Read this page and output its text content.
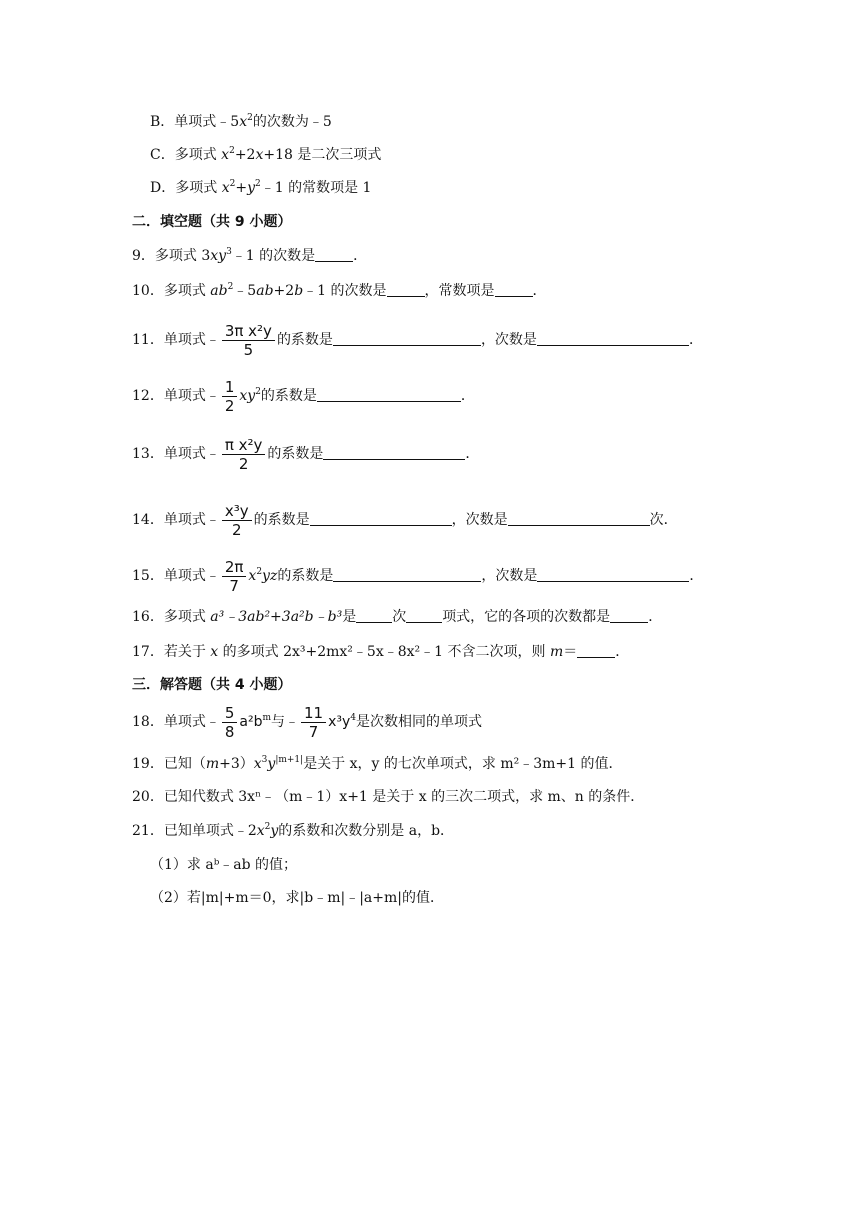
B．单项式$﹣5x^2$的次数为﹣5
C．多项式 $x^2+2x+18$ 是二次三项式
D．多项式 $x^2+y^2﹣1$ 的常数项是 1
二．填空题（共 9 小题）
9．多项式 $3xy^3﹣1$ 的次数是	．
10．多项式 $ab^2﹣5ab+2b﹣1$ 的次数是	，常数项是	．
11．单项式﹣ $\frac{\text{3π x²y}}{5}$ 的系数是	，次数是	．
12．单项式﹣ $\frac{1}{2} xy^2$的系数是	．
13．单项式﹣ $\frac{\text{π x²y}}{2}$ 的系数是	．
14．单项式﹣ $\frac{\text{x³y}}{2}$ 的系数是	，次数是	次．
15．单项式﹣ $\frac{2\pi}{7} x^2yz$的系数是	，次数是	．
16．多项式 a³﹣3ab²+3a²b﹣b³是	次	项式，它的各项的次数都是	．
17．若关于 x 的多项式 2x³+2mx²﹣5x﹣8x²﹣1 不含二次项，则 m＝	．
三．解答题（共 4 小题）
18．单项式﹣ $\frac{5}{8} a^2b^m$与﹣ $\frac{11}{7} x^3y^4$是次数相同的单项式
19．已知$(m+3)x^3y^{|m+1|}$是关于 x，y 的七次单项式，求 m²﹣3m+1 的值．
20．已知代数式 3xⁿ﹣（m﹣1）x+1 是关于 x 的三次二项式，求 m、n 的条件．
21．已知单项式$﹣2x^2y$的系数和次数分别是 a，b．
（1）求 aᵇ﹣ab 的值；
（2）若|m|+m＝0，求|b﹣m|﹣|a+m|的值．
